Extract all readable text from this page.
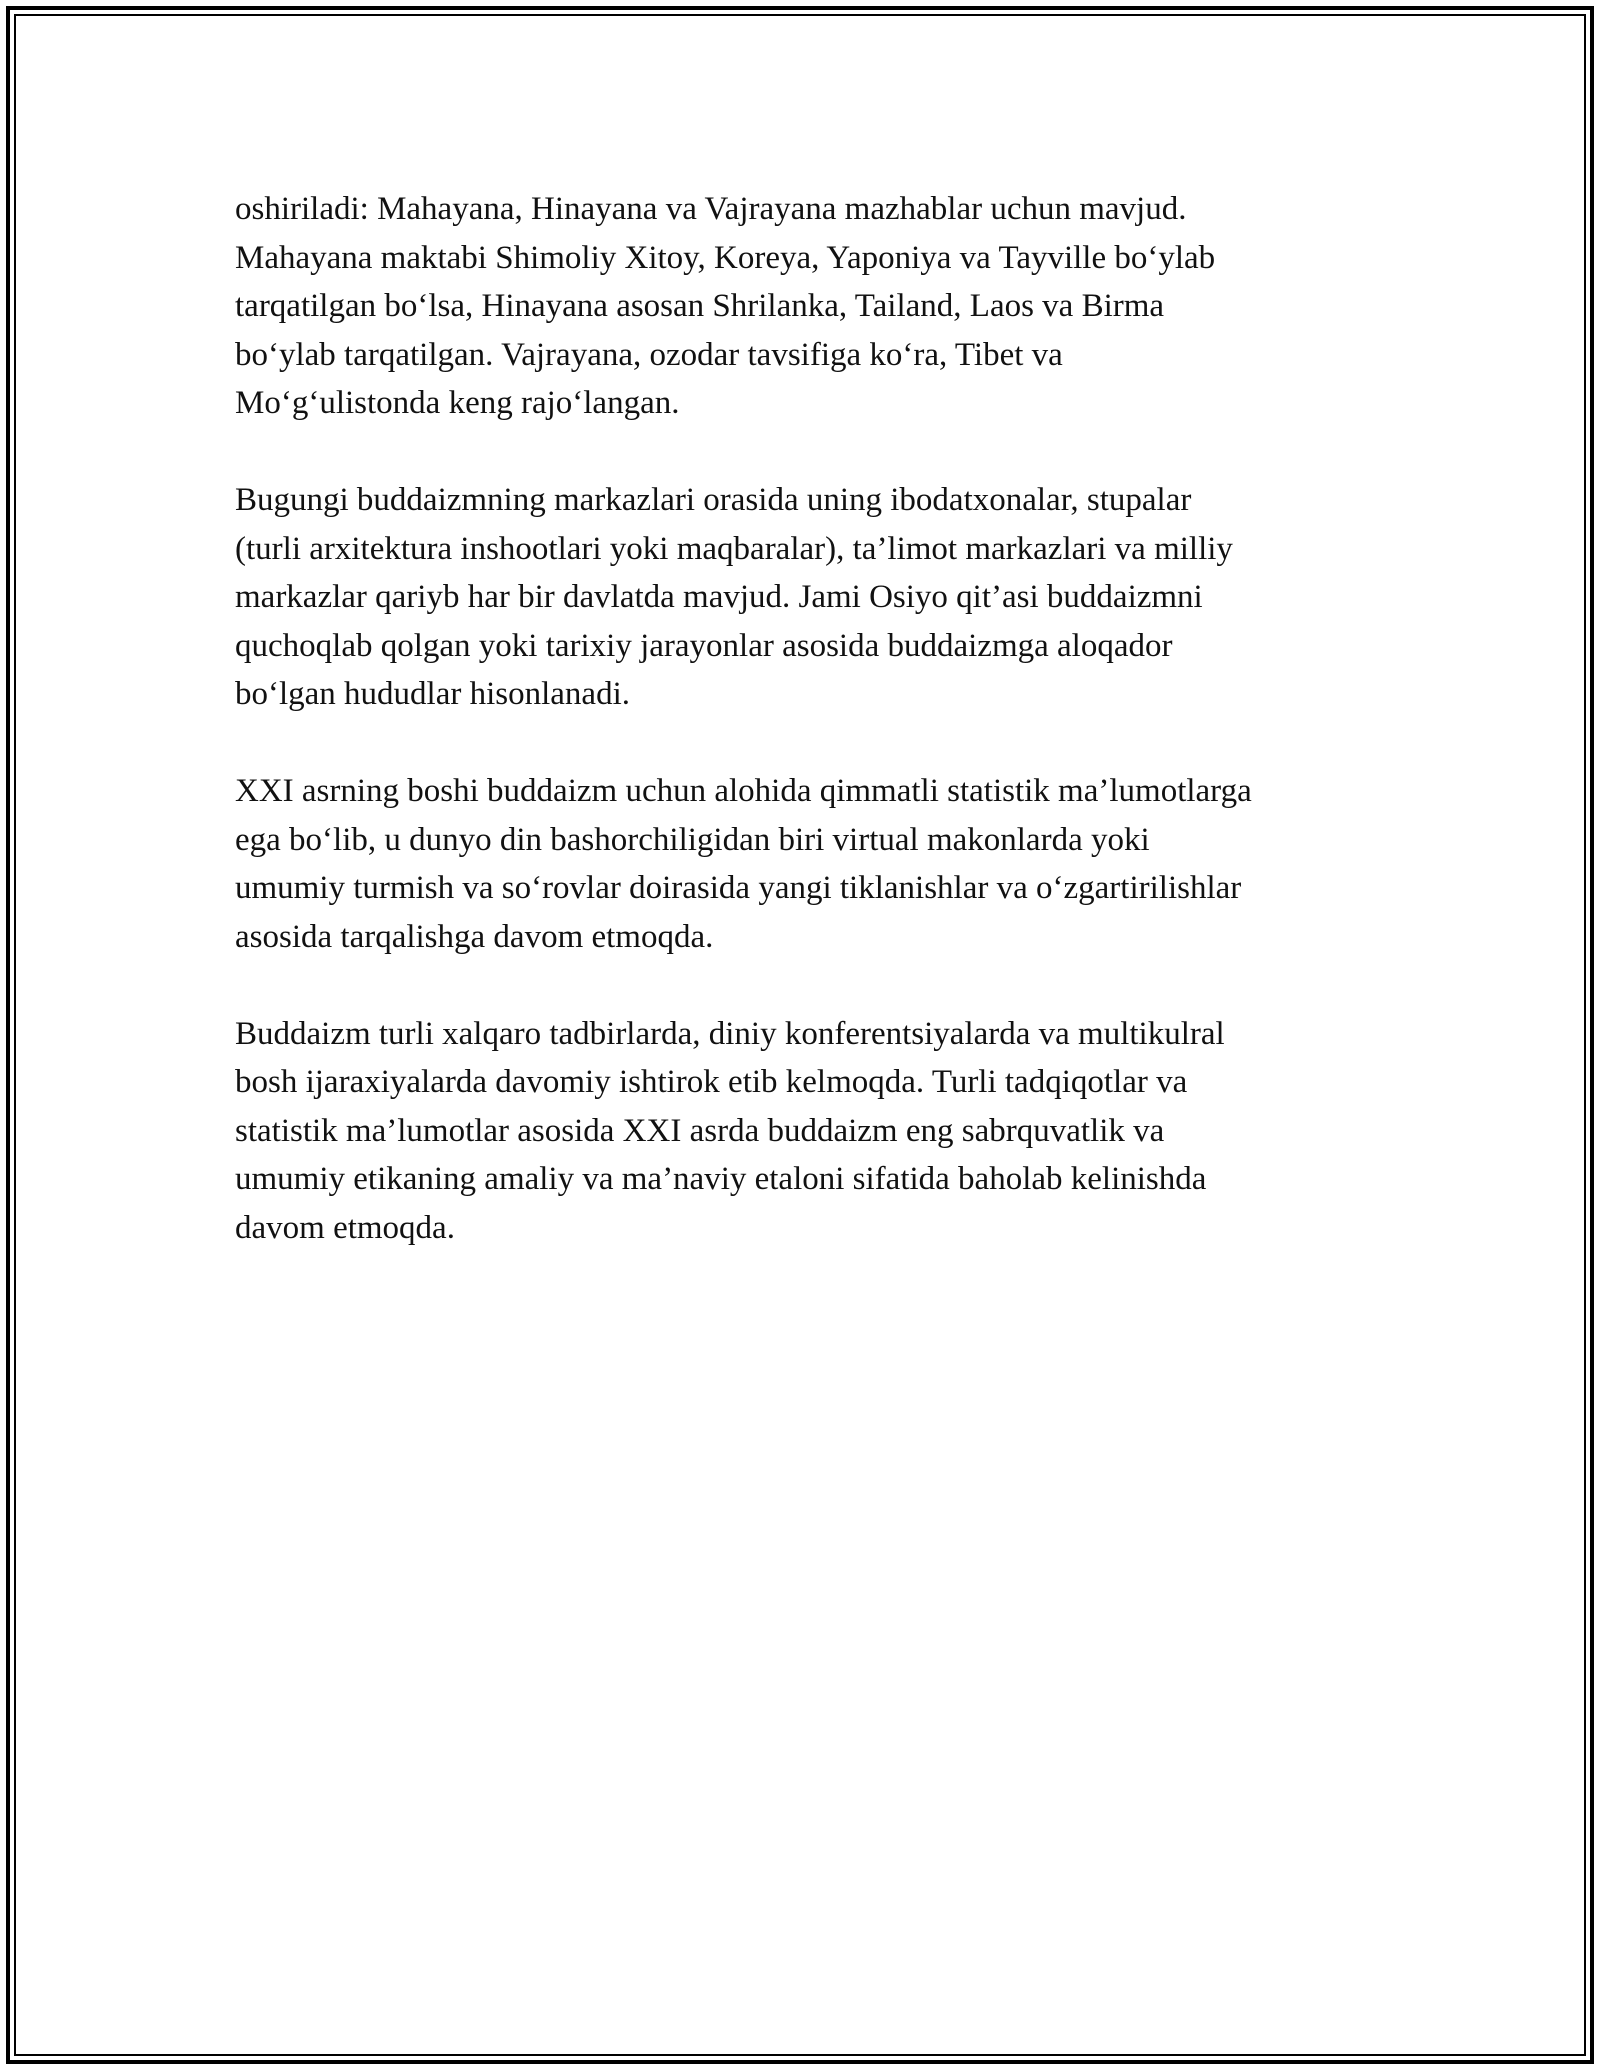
oshiriladi: Mahayana, Hinayana va Vajrayana mazhablar uchun mavjud.
Mahayana maktabi Shimoliy Xitoy, Koreya, Yaponiya va Tayville bo‘ylab
tarqatilgan bo‘lsa, Hinayana asosan Shrilanka, Tailand, Laos va Birma
bo‘ylab tarqatilgan. Vajrayana, ozodar tavsifiga ko‘ra, Tibet va
Mo‘g‘ulistonda keng rajo‘langan.

Bugungi buddaizmning markazlari orasida uning ibodatxonalar, stupalar
(turli arxitektura inshootlari yoki maqbaralar), ta’limot markazlari va milliy
markazlar qariyb har bir davlatda mavjud. Jami Osiyo qit’asi buddaizmni
quchoqlab qolgan yoki tarixiy jarayonlar asosida buddaizmga aloqador
bo‘lgan hududlar hisonlanadi.

XXI asrning boshi buddaizm uchun alohida qimmatli statistik ma’lumotlarga
ega bo‘lib, u dunyo din bashorchiligidan biri virtual makonlarda yoki
umumiy turmish va so‘rovlar doirasida yangi tiklanishlar va o‘zgartirilishlar
asosida tarqalishga davom etmoqda.

Buddaizm turli xalqaro tadbirlarda, diniy konferentsiyalarda va multikulral
bosh ijaraxiyalarda davomiy ishtirok etib kelmoqda. Turli tadqiqotlar va
statistik ma’lumotlar asosida XXI asrda buddaizm eng sabrquvatlik va
umumiy etikaning amaliy va ma’naviy etaloni sifatida baholab kelinishda
davom etmoqda.
